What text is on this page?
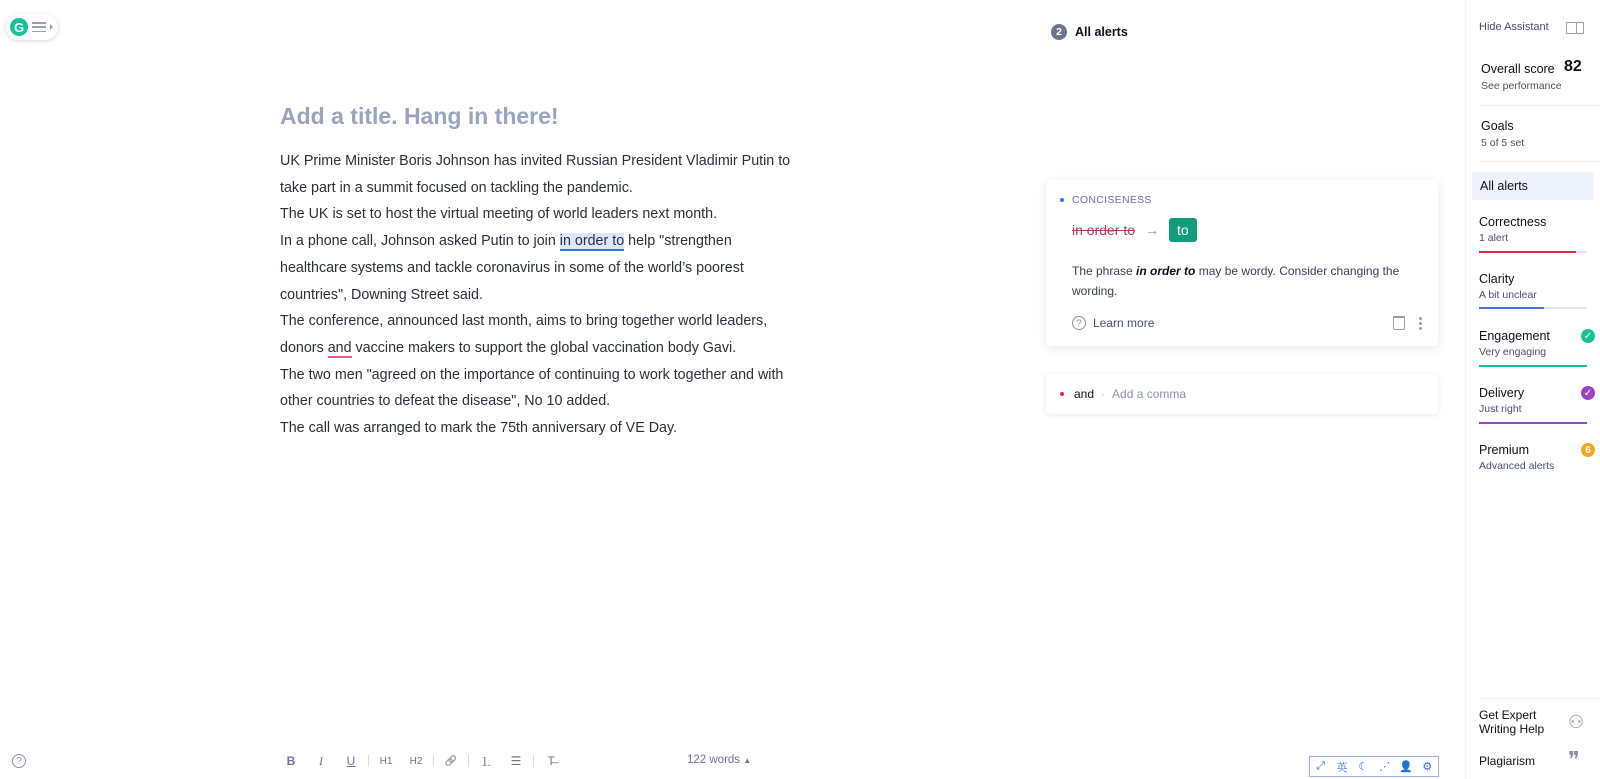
G
Add a title. Hang in there!

UK Prime Minister Boris Johnson has invited Russian President Vladimir Putin to take part in a summit focused on tackling the pandemic.

The UK is set to host the virtual meeting of world leaders next month.

In a phone call, Johnson asked Putin to join in order to help "strengthen healthcare systems and tackle coronavirus in some of the world’s poorest countries", Downing Street said.

The conference, announced last month, aims to bring together world leaders, donors and vaccine makers to support the global vaccination body Gavi.

The two men "agreed on the importance of continuing to work together and with other countries to defeat the disease", No 10 added.

The call was arranged to mark the 75th anniversary of VE Day.

?	B	I	U	H1	H2	🔗	⒈	☰	T̶	122 words ▲
2	All alerts
CONCISENESS
in order to →	to
The phrase in order to may be wordy. Consider changing the wording.
? Learn more
and · Add a comma
Hide Assistant
Overall score 82
See performance
Goals
5 of 5 set
All alerts
Correctness
1 alert
Clarity
A bit unclear
Engagement
Very engaging
✓
Delivery
Just right
✓
Premium
Advanced alerts
6
Get Expert Writing Help	⚇
Plagiarism ❞
⤢	英 ☾ ⋰ 👤 ⚙
